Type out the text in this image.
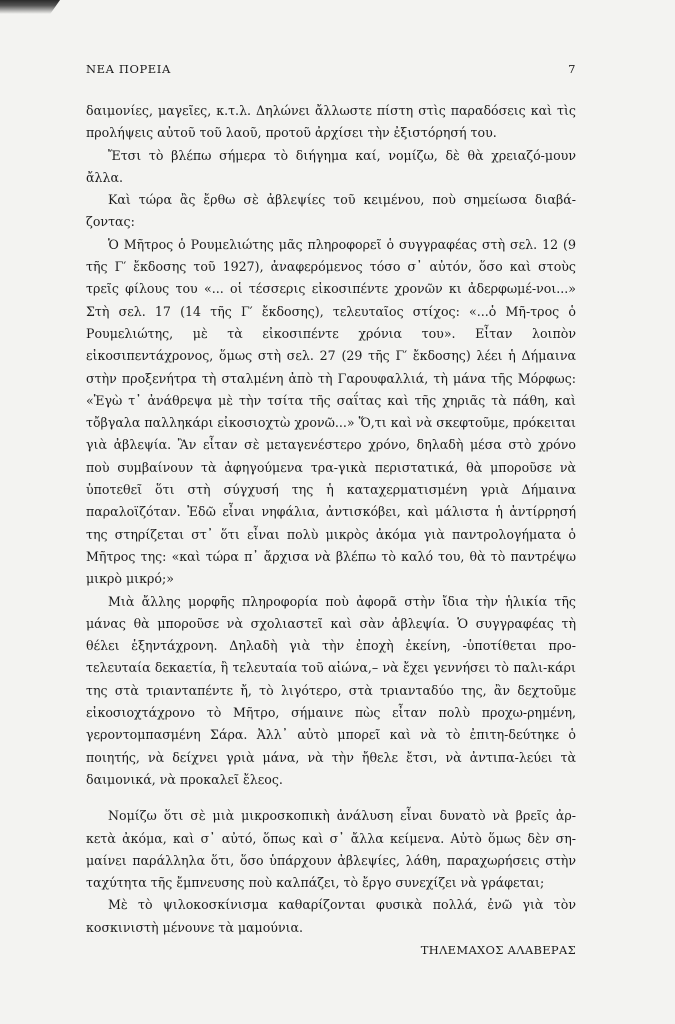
ΝΕΑ ΠΟΡΕΙΑ	7

δαιμονίες, μαγεῖες, κ.τ.λ. Δηλώνει ἄλλωστε πίστη στὶς παραδόσεις καὶ τὶς προλήψεις αὐτοῦ τοῦ λαοῦ, προτοῦ ἀρχίσει τὴν ἐξιστόρησή του.

Ἔτσι τὸ βλέπω σήμερα τὸ διήγημα καί, νομίζω, δὲ θὰ χρειαζό-μουν ἄλλα.

Καὶ τώρα ἂς ἔρθω σὲ ἀβλεψίες τοῦ κειμένου, ποὺ σημείωσα διαβά-ζοντας:

Ὁ Μῆτρος ὁ Ρουμελιώτης μᾶς πληροφορεῖ ὁ συγγραφέας στὴ σελ. 12 (9 τῆς Γ′ ἔκδοσης τοῦ 1927), ἀναφερόμενος τόσο σ᾽ αὐτόν, ὅσο καὶ στοὺς τρεῖς φίλους του «... οἱ τέσσερις εἰκοσιπέντε χρονῶν κι ἀδερφωμέ-νοι...» Στὴ σελ. 17 (14 τῆς Γ′ ἔκδοσης), τελευταῖος στίχος: «...ὁ Μῆ-τρος ὁ Ρουμελιώτης, μὲ τὰ εἰκοσιπέντε χρόνια του». Εἶταν λοιπὸν εἰκοσιπεντάχρονος, ὅμως στὴ σελ. 27 (29 τῆς Γ′ ἔκδοσης) λέει ἡ Δήμαινα στὴν προξενήτρα τὴ σταλμένη ἀπὸ τὴ Γαρουφαλλιά, τὴ μάνα τῆς Μόρφως: «Ἐγὼ τ᾽ ἀνάθρεψα μὲ τὴν τσίτα τῆς σαΐτας καὶ τῆς χηριᾶς τὰ πάθη, καὶ τὄβγαλα παλληκάρι εἰκοσιοχτὼ χρονῶ...» Ὅ,τι καὶ νὰ σκεφτοῦμε, πρόκειται γιὰ ἀβλεψία. Ἂν εἶταν σὲ μεταγενέστερο χρόνο, δηλαδὴ μέσα στὸ χρόνο ποὺ συμβαίνουν τὰ ἀφηγούμενα τρα-γικὰ περιστατικά, θὰ μποροῦσε νὰ ὑποτεθεῖ ὅτι στὴ σύγχυσή της ἡ καταχερματισμένη γριὰ Δήμαινα παραλοϊζόταν. Ἐδῶ εἶναι νηφάλια, ἀντισκόβει, καὶ μάλιστα ἡ ἀντίρρησή της στηρίζεται στ᾽ ὅτι εἶναι πολὺ μικρὸς ἀκόμα γιὰ παντρολογήματα ὁ Μῆτρος της: «καὶ τώρα π᾽ ἄρχισα νὰ βλέπω τὸ καλό του, θὰ τὸ παντρέψω μικρὸ μικρό;»

Μιὰ ἄλλης μορφῆς πληροφορία ποὺ ἀφορᾶ στὴν ἴδια τὴν ἡλικία τῆς μάνας θὰ μποροῦσε νὰ σχολιαστεῖ καὶ σὰν ἀβλεψία. Ὁ συγγραφέας τὴ θέλει ἑξηντάχρονη. Δηλαδὴ γιὰ τὴν ἐποχὴ ἐκείνη, -ὑποτίθεται προ-τελευταία δεκαετία, ἢ τελευταία τοῦ αἰώνα,– νὰ ἔχει γεννήσει τὸ παλι-κάρι της στὰ τριανταπέντε ἤ, τὸ λιγότερο, στὰ τριανταδύο της, ἂν δεχτοῦμε εἰκοσιοχτάχρονο τὸ Μῆτρο, σήμαινε πὼς εἶταν πολὺ προχω-ρημένη, γεροντομπασμένη Σάρα. Ἀλλ᾽ αὐτὸ μπορεῖ καὶ νὰ τὸ ἐπιτη-δεύτηκε ὁ ποιητής, νὰ δείχνει γριὰ μάνα, νὰ τὴν ἤθελε ἔτσι, νὰ ἀντιπα-λεύει τὰ δαιμονικά, νὰ προκαλεῖ ἔλεος.

Νομίζω ὅτι σὲ μιὰ μικροσκοπικὴ ἀνάλυση εἶναι δυνατὸ νὰ βρεῖς ἀρ-κετὰ ἀκόμα, καὶ σ᾽ αὐτό, ὅπως καὶ σ᾽ ἄλλα κείμενα. Αὐτὸ ὅμως δὲν ση-μαίνει παράλληλα ὅτι, ὅσο ὑπάρχουν ἀβλεψίες, λάθη, παραχωρήσεις στὴν ταχύτητα τῆς ἔμπνευσης ποὺ καλπάζει, τὸ ἔργο συνεχίζει νὰ γράφεται;

Μὲ τὸ ψιλοκοσκίνισμα καθαρίζονται φυσικὰ πολλά, ἐνῶ γιὰ τὸν κοσκινιστὴ μένουνε τὰ μαμούνια.

ΤΗΛΕΜΑΧΟΣ ΑΛΑΒΕΡΑΣ
